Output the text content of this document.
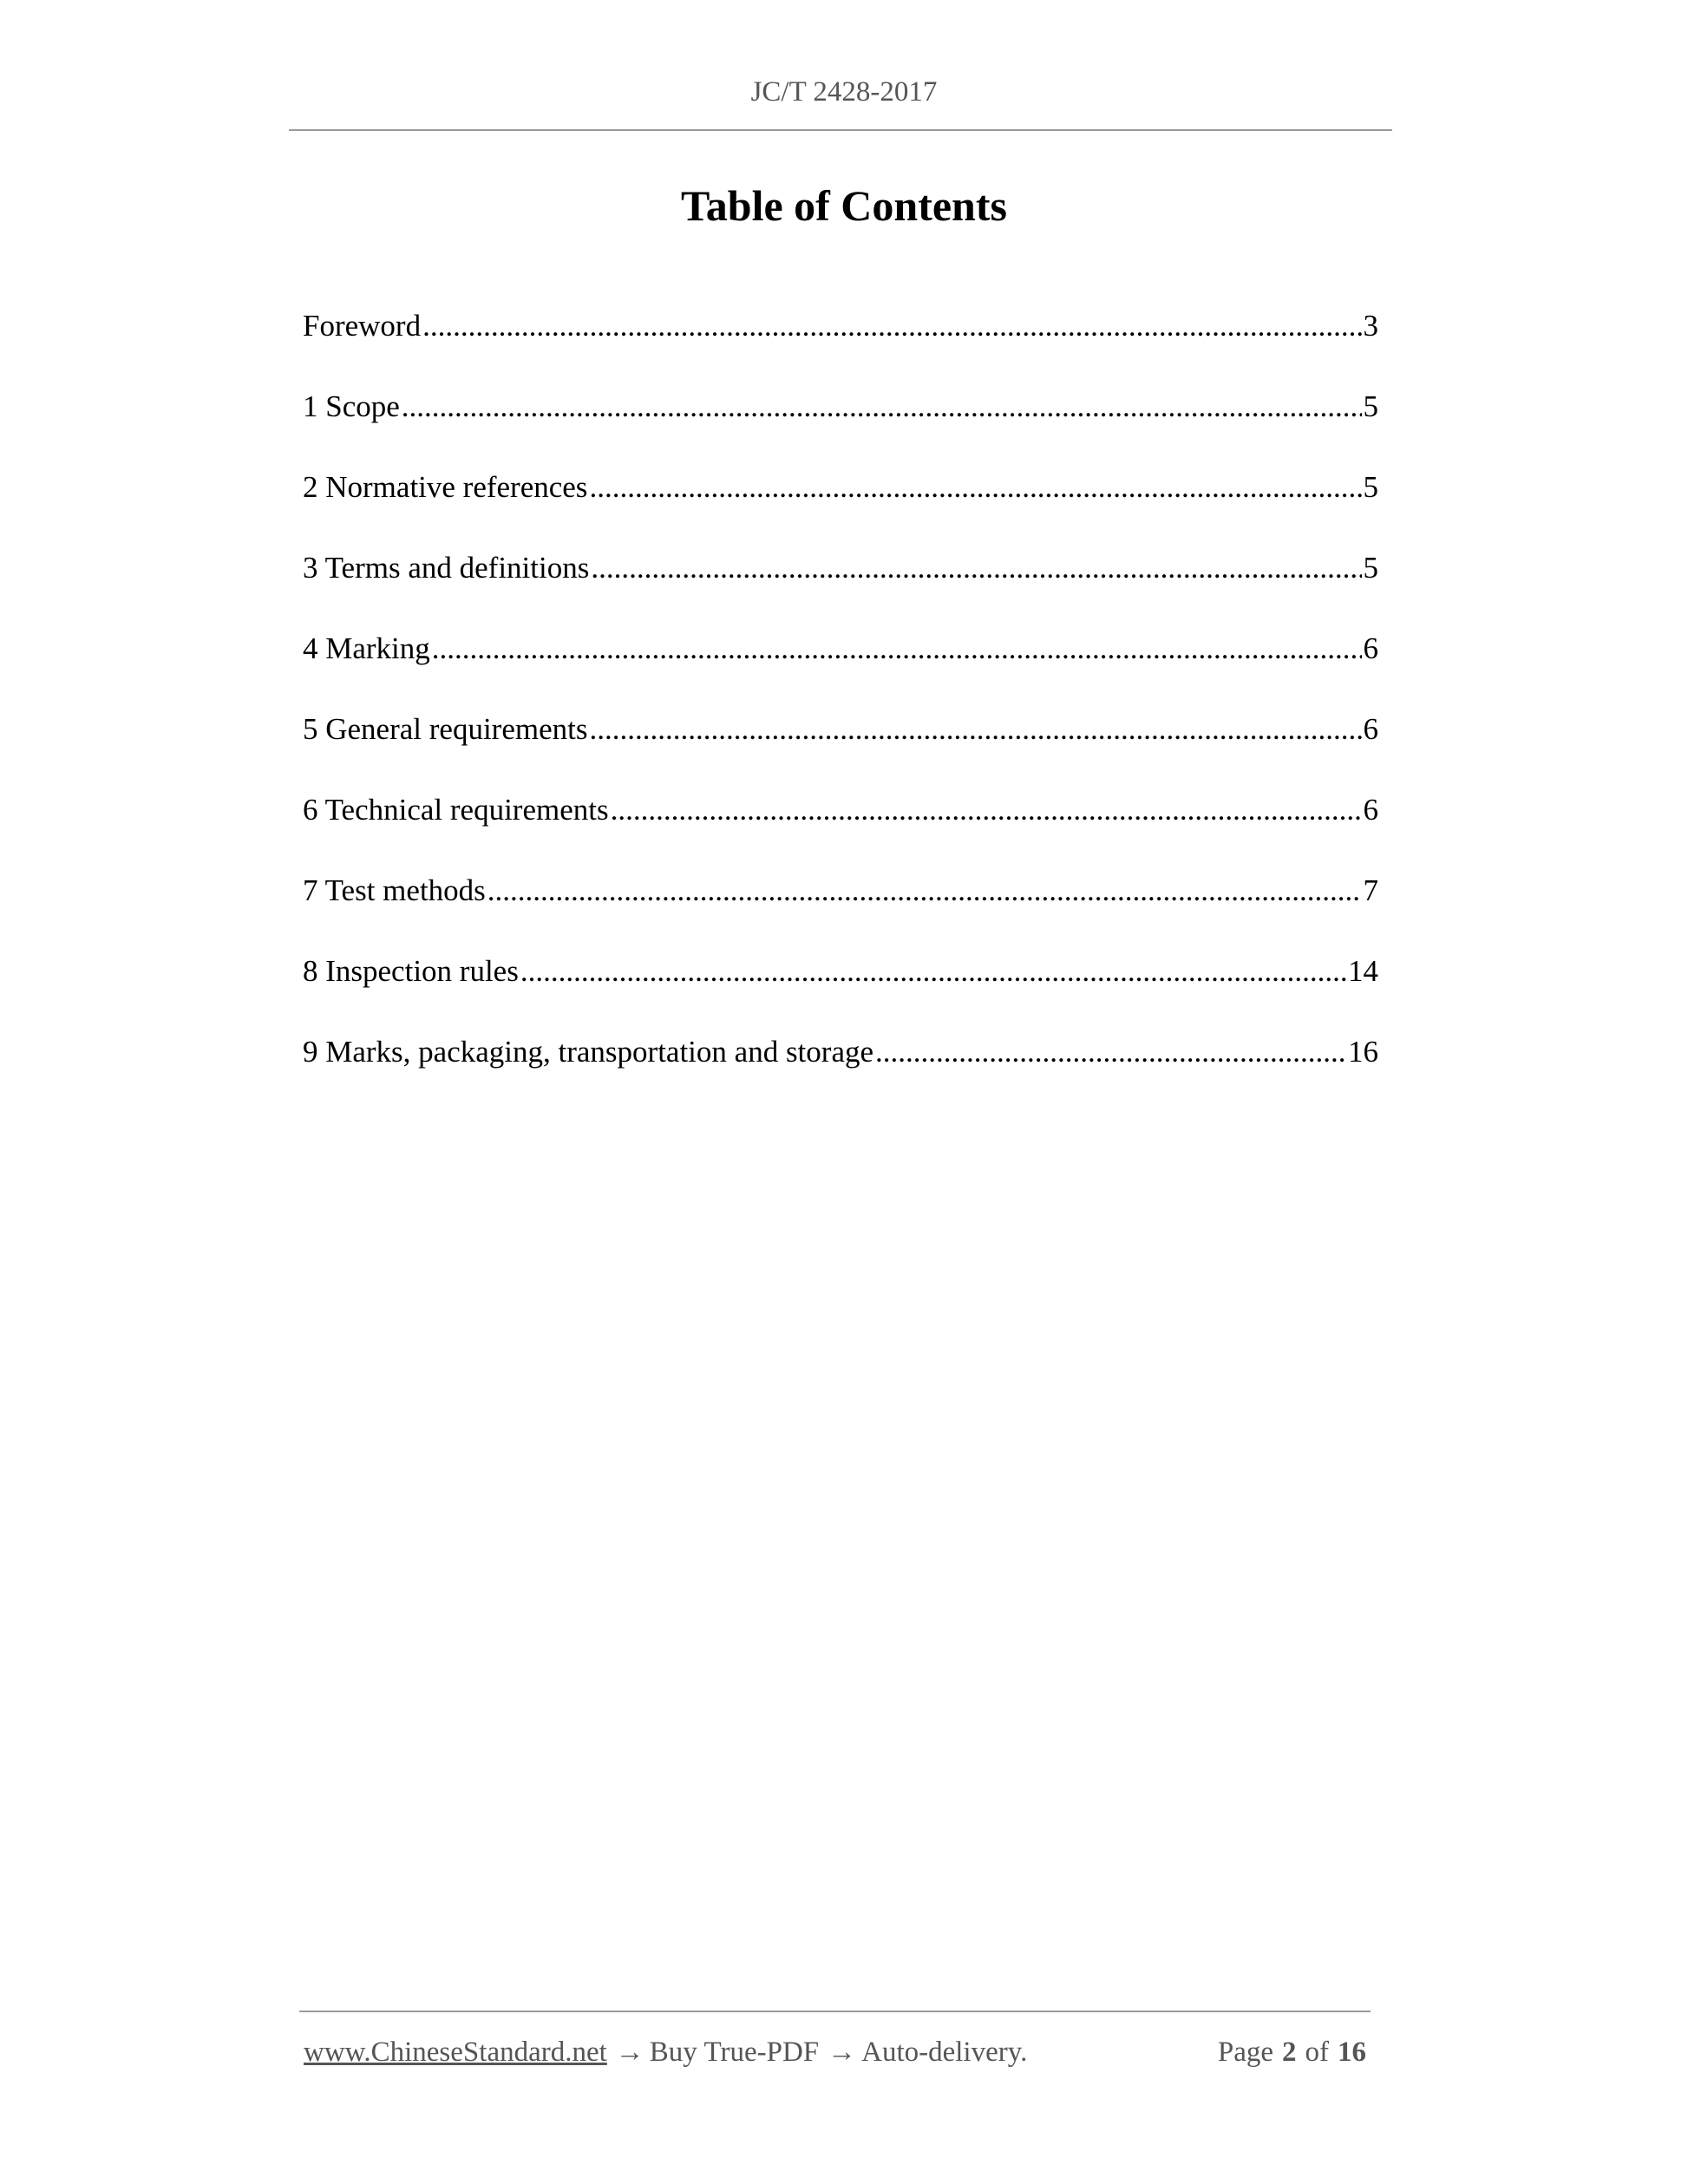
JC/T 2428-2017
Table of Contents
Foreword .....	3
1 Scope .....	5
2 Normative references .....	5
3 Terms and definitions .....	5
4 Marking .....	6
5 General requirements .....	6
6 Technical requirements .....	6
7 Test methods .....	7
8 Inspection rules .....	14
9 Marks, packaging, transportation and storage .....	16
www.ChineseStandard.net → Buy True-PDF → Auto-delivery.	Page 2 of 16
